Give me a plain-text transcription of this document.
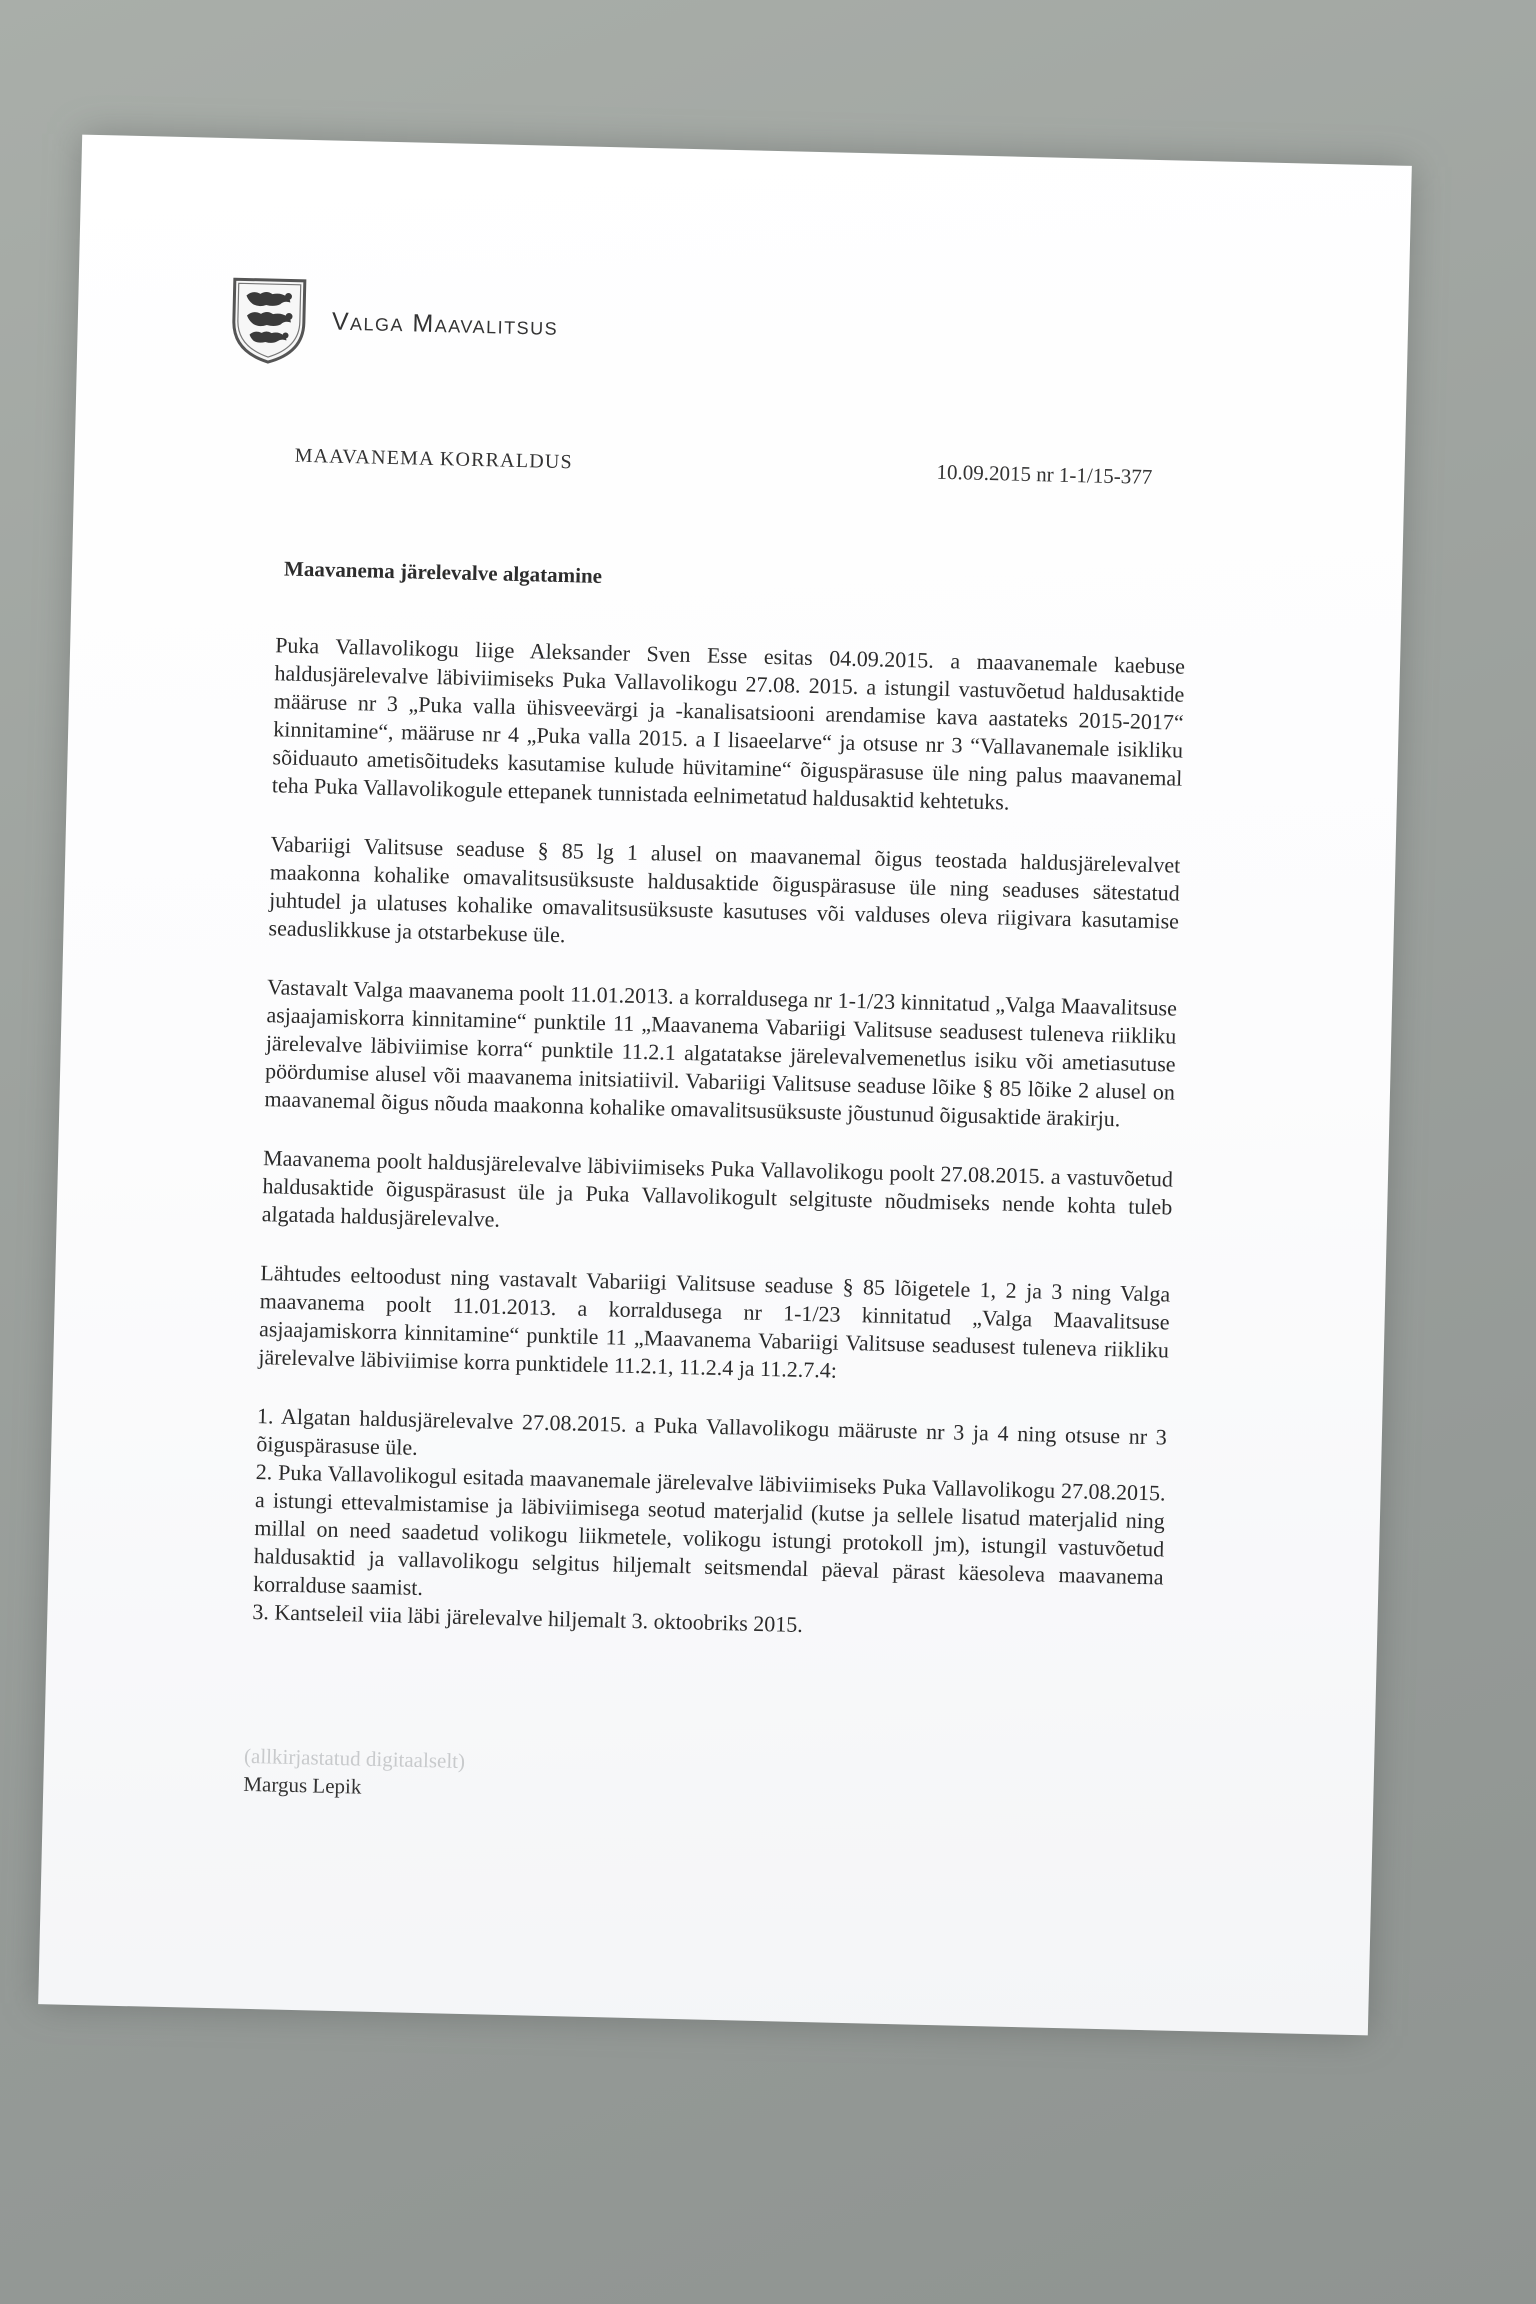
Valga Maavalitsus
MAAVANEMA KORRALDUS
10.09.2015 nr 1-1/15-377
Maavanema järelevalve algatamine

Puka Vallavolikogu liige Aleksander Sven Esse esitas 04.09.2015. a maavanemale kaebuse haldusjärelevalve läbiviimiseks Puka Vallavolikogu 27.08. 2015. a istungil vastuvõetud haldusaktide määruse nr 3 „Puka valla ühisveevärgi ja -kanalisatsiooni arendamise kava aastateks 2015-2017“ kinnitamine“, määruse nr 4 „Puka valla 2015. a I lisaeelarve“ ja otsuse nr 3 “Vallavanemale isikliku sõiduauto ametisõitudeks kasutamise kulude hüvitamine“ õiguspärasuse üle ning palus maavanemal teha Puka Vallavolikogule ettepanek tunnistada eelnimetatud haldusaktid kehtetuks.

Vabariigi Valitsuse seaduse § 85 lg 1 alusel on maavanemal õigus teostada haldusjärelevalvet maakonna kohalike omavalitsusüksuste haldusaktide õiguspärasuse üle ning seaduses sätestatud juhtudel ja ulatuses kohalike omavalitsusüksuste kasutuses või valduses oleva riigivara kasutamise seaduslikkuse ja otstarbekuse üle.

Vastavalt Valga maavanema poolt 11.01.2013. a korraldusega nr 1-1/23 kinnitatud „Valga Maavalitsuse asjaajamiskorra kinnitamine“ punktile 11 „Maavanema Vabariigi Valitsuse seadusest tuleneva riikliku järelevalve läbiviimise korra“ punktile 11.2.1 algatatakse järelevalvemenetlus isiku või ametiasutuse pöördumise alusel või maavanema initsiatiivil. Vabariigi Valitsuse seaduse lõike § 85 lõike 2 alusel on maavanemal õigus nõuda maakonna kohalike omavalitsusüksuste jõustunud õigusaktide ärakirju.

Maavanema poolt haldusjärelevalve läbiviimiseks Puka Vallavolikogu poolt 27.08.2015. a vastuvõetud haldusaktide õiguspärasust üle ja Puka Vallavolikogult selgituste nõudmiseks nende kohta tuleb algatada haldusjärelevalve.

Lähtudes eeltoodust ning vastavalt Vabariigi Valitsuse seaduse § 85 lõigetele 1, 2 ja 3 ning Valga maavanema poolt 11.01.2013. a korraldusega nr 1-1/23 kinnitatud „Valga Maavalitsuse asjaajamiskorra kinnitamine“ punktile 11 „Maavanema Vabariigi Valitsuse seadusest tuleneva riikliku järelevalve läbiviimise korra punktidele 11.2.1, 11.2.4 ja 11.2.7.4:

1. Algatan haldusjärelevalve 27.08.2015. a Puka Vallavolikogu määruste nr 3 ja 4 ning otsuse nr 3 õiguspärasuse üle.

2. Puka Vallavolikogul esitada maavanemale järelevalve läbiviimiseks Puka Vallavolikogu 27.08.2015. a istungi ettevalmistamise ja läbiviimisega seotud materjalid (kutse ja sellele lisatud materjalid ning millal on need saadetud volikogu liikmetele, volikogu istungi protokoll jm), istungil vastuvõetud haldusaktid ja vallavolikogu selgitus hiljemalt seitsmendal päeval pärast käesoleva maavanema korralduse saamist.

3. Kantseleil viia läbi järelevalve hiljemalt 3. oktoobriks 2015.

(allkirjastatud digitaalselt)
Margus Lepik
